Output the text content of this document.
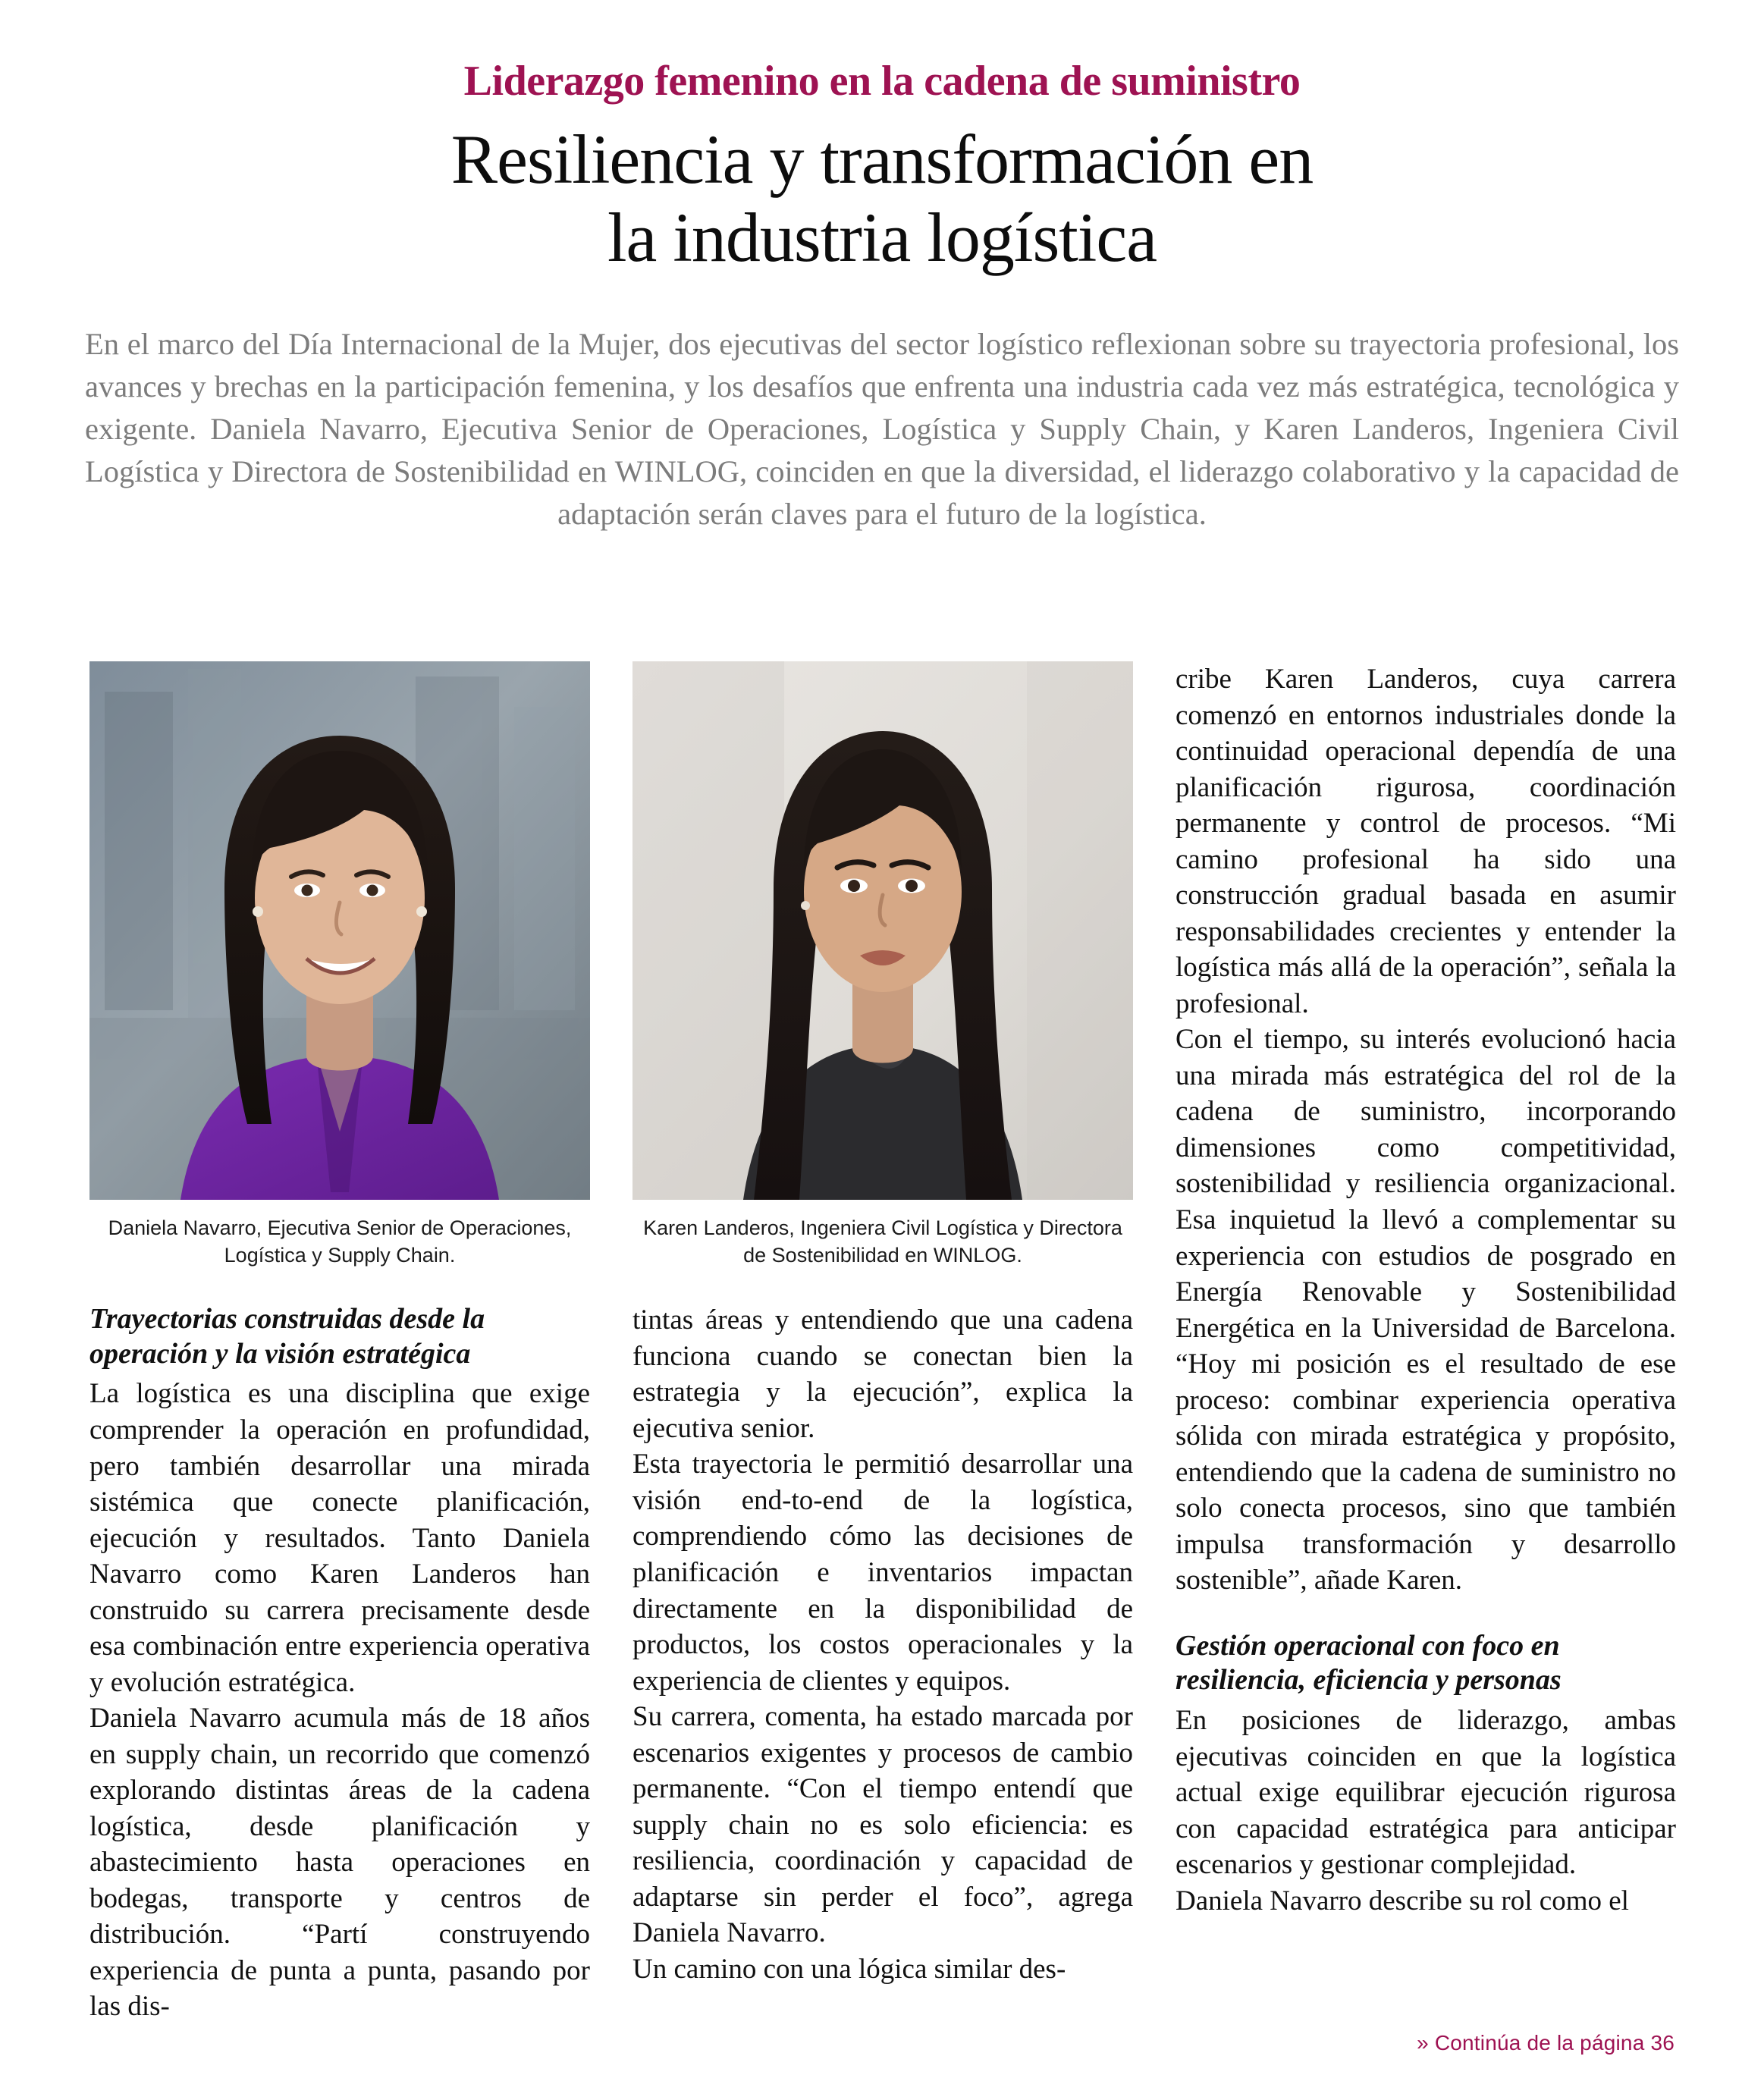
Liderazgo femenino en la cadena de suministro
Resiliencia y transformación en
la industria logística
En el marco del Día Internacional de la Mujer, dos ejecutivas del sector logístico reflexionan sobre su trayectoria profesional, los avances y brechas en la participación femenina, y los desafíos que enfrenta una industria cada vez más estratégica, tecnológica y exigente. Daniela Navarro, Ejecutiva Senior de Operaciones, Logística y Supply Chain, y Karen Landeros, Ingeniera Civil Logística y Directora de Sostenibilidad en WINLOG, coinciden en que la diversidad, el liderazgo colaborativo y la capacidad de adaptación serán claves para el futuro de la logística.
Daniela Navarro, Ejecutiva Senior de Operaciones, Logística y Supply Chain.
Trayectorias construidas desde la operación y la visión estratégica

La logística es una disciplina que exige comprender la operación en profundidad, pero también desarrollar una mirada sistémica que conecte planificación, ejecución y resultados. Tanto Daniela Navarro como Karen Landeros han construido su carrera precisamente desde esa combinación entre experiencia operativa y evolución estratégica.

Daniela Navarro acumula más de 18 años en supply chain, un recorrido que comenzó explorando distintas áreas de la cadena logística, desde planificación y abastecimiento hasta operaciones en bodegas, transporte y centros de distribución. “Partí construyendo experiencia de punta a punta, pasando por las dis-

Karen Landeros, Ingeniera Civil Logística y Directora de Sostenibilidad en WINLOG.

tintas áreas y entendiendo que una cadena funciona cuando se conectan bien la estrategia y la ejecución”, explica la ejecutiva senior.

Esta trayectoria le permitió desarrollar una visión end-to-end de la logística, comprendiendo cómo las decisiones de planificación e inventarios impactan directamente en la disponibilidad de productos, los costos operacionales y la experiencia de clientes y equipos.

Su carrera, comenta, ha estado marcada por escenarios exigentes y procesos de cambio permanente. “Con el tiempo entendí que supply chain no es solo eficiencia: es resiliencia, coordinación y capacidad de adaptarse sin perder el foco”, agrega Daniela Navarro.

Un camino con una lógica similar des-

cribe Karen Landeros, cuya carrera comenzó en entornos industriales donde la continuidad operacional dependía de una planificación rigurosa, coordinación permanente y control de procesos. “Mi camino profesional ha sido una construcción gradual basada en asumir responsabilidades crecientes y entender la logística más allá de la operación”, señala la profesional.

Con el tiempo, su interés evolucionó hacia una mirada más estratégica del rol de la cadena de suministro, incorporando dimensiones como competitividad, sostenibilidad y resiliencia organizacional. Esa inquietud la llevó a complementar su experiencia con estudios de posgrado en Energía Renovable y Sostenibilidad Energética en la Universidad de Barcelona. “Hoy mi posición es el resultado de ese proceso: combinar experiencia operativa sólida con mirada estratégica y propósito, entendiendo que la cadena de suministro no solo conecta procesos, sino que también impulsa transformación y desarrollo sostenible”, añade Karen.

Gestión operacional con foco en resiliencia, eficiencia y personas

En posiciones de liderazgo, ambas ejecutivas coinciden en que la logística actual exige equilibrar ejecución rigurosa con capacidad estratégica para anticipar escenarios y gestionar complejidad.

Daniela Navarro describe su rol como el

» Continúa de la página 36
